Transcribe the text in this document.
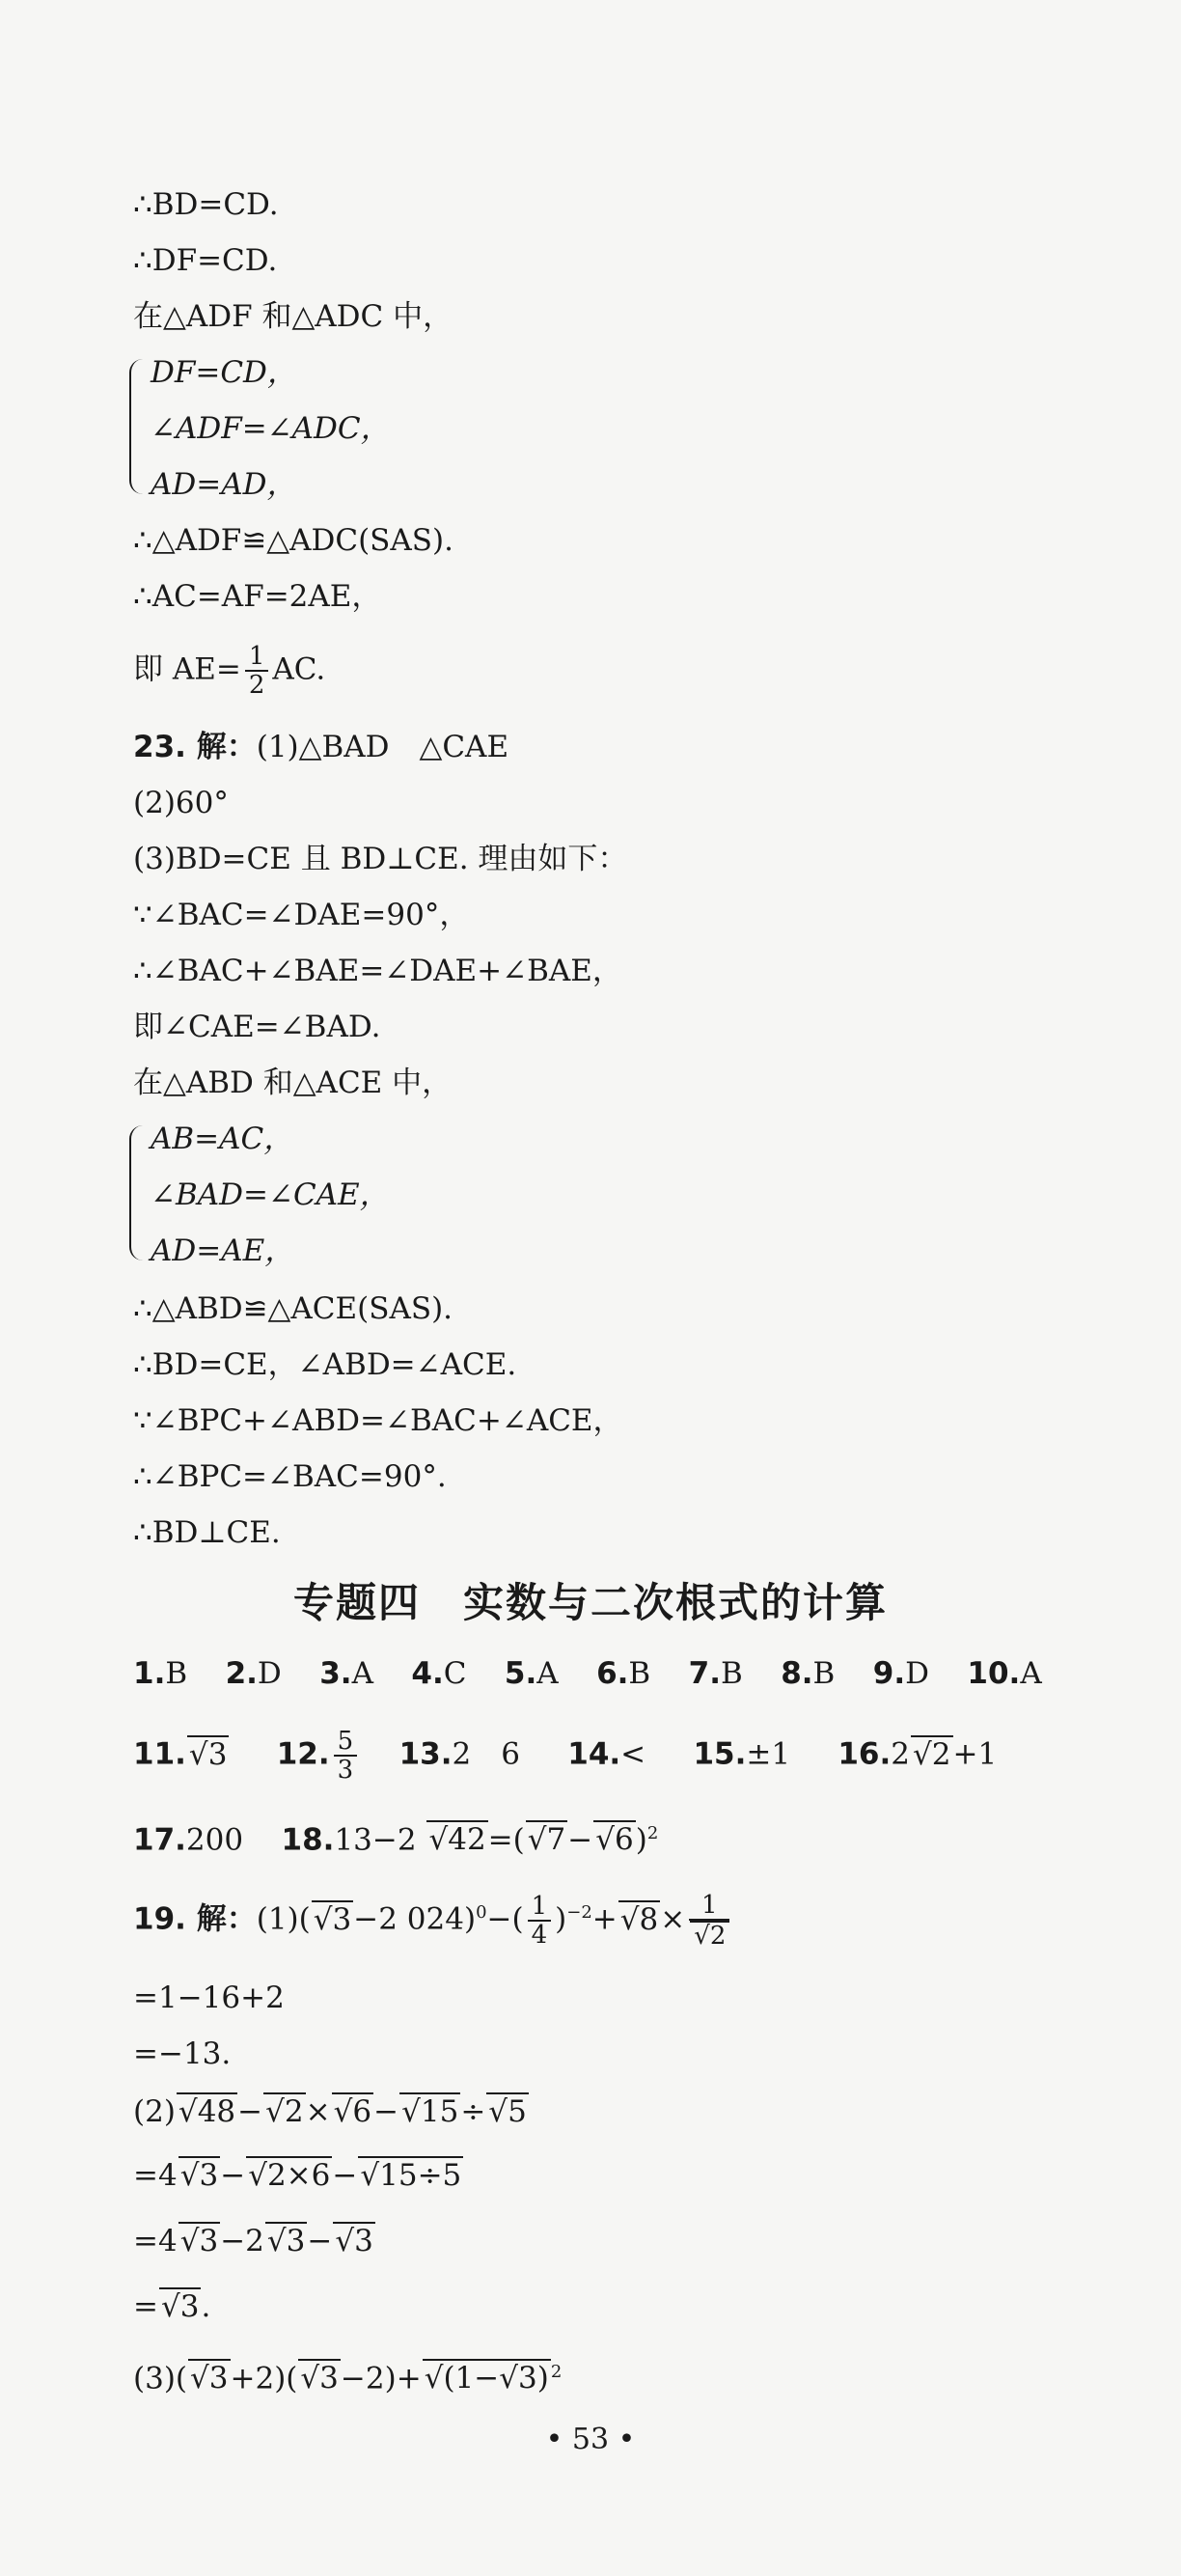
∴BD=CD.
∴DF=CD.
在△ADF 和△ADC 中，
DF=CD，
∠ADF=∠ADC，
AD=AD，
∴△ADF≌△ADC(SAS).
∴AC=AF=2AE，
即 $AE= \frac{1}{2}$ AC.
23. 解：(1)△BAD　△CAE
(2)60°
(3)BD=CE 且 BD⊥CE. 理由如下：
∵∠BAC=∠DAE=90°，
∴∠BAC+∠BAE=∠DAE+∠BAE，
即∠CAE=∠BAD.
在△ABD 和△ACE 中，
AB=AC，
∠BAD=∠CAE，
AD=AE，
∴△ABD≌△ACE(SAS).
∴BD=CE，∠ABD=∠ACE.
∵∠BPC+∠ABD=∠BAC+∠ACE，
∴∠BPC=∠BAC=90°.
∴BD⊥CE.
专题四　实数与二次根式的计算
1.B 2.D 3.A 4.C 5.A 6.B 7.B 8.B 9.D 10.A
11.√ 3 12. $\frac{5}{3} 13.2$　6 14.< 15.±1 16.2√ 2+1
17.200 18.13−2 √ 42=(√ 7−√ 6)$^2$
19. 解：(1)(√ 3−2 $024)^0-( \frac{1}{4} )^{-2}+√$ 8× 1
√ 2
=1−16+2
=−13.
(2)√ 48−√ 2×√ 6−√ 15÷√ 5
=4√ 3−√ 2×6−√ 15÷5
=4√ 3−2√ 3−√ 3
=√ 3.
(3)(√ 3+2)(√ 3−2)+√ (1−√3) $^2$
• 53 •
